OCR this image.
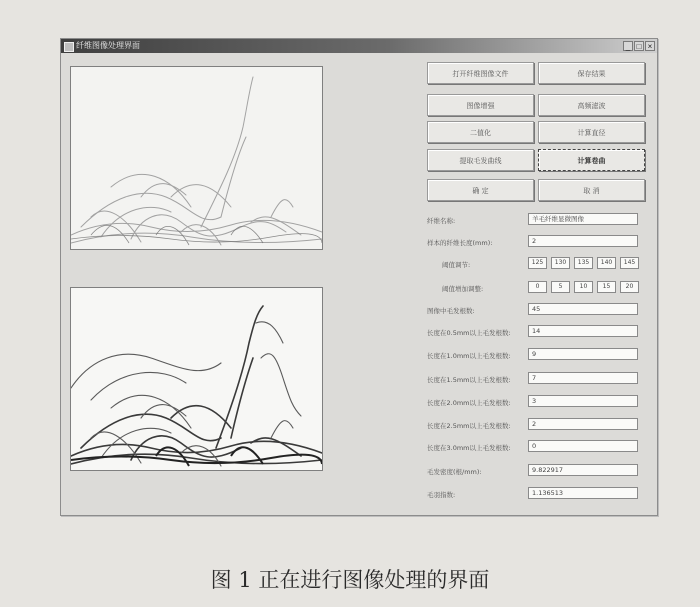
纤维图像处理界面	_ □ ×
打开纤维图像文件	保存结果
图像增强	高频滤波
二值化	计算直径
提取毛发曲线	计算卷曲
确 定	取 消
纤维名称:	羊毛纤维显微图像
样本的纤维长度(mm):	2
阈值调节:	125	130	135	140	145
阈值增加调整:	0	5	10	15	20
图像中毛发根数:	45
长度在0.5mm以上毛发根数:	14
长度在1.0mm以上毛发根数:	9
长度在1.5mm以上毛发根数:	7
长度在2.0mm以上毛发根数:	3
长度在2.5mm以上毛发根数:	2
长度在3.0mm以上毛发根数:	0
毛发密度(根/mm):	9.822917
毛羽指数:	1.136513
图 1 正在进行图像处理的界面
